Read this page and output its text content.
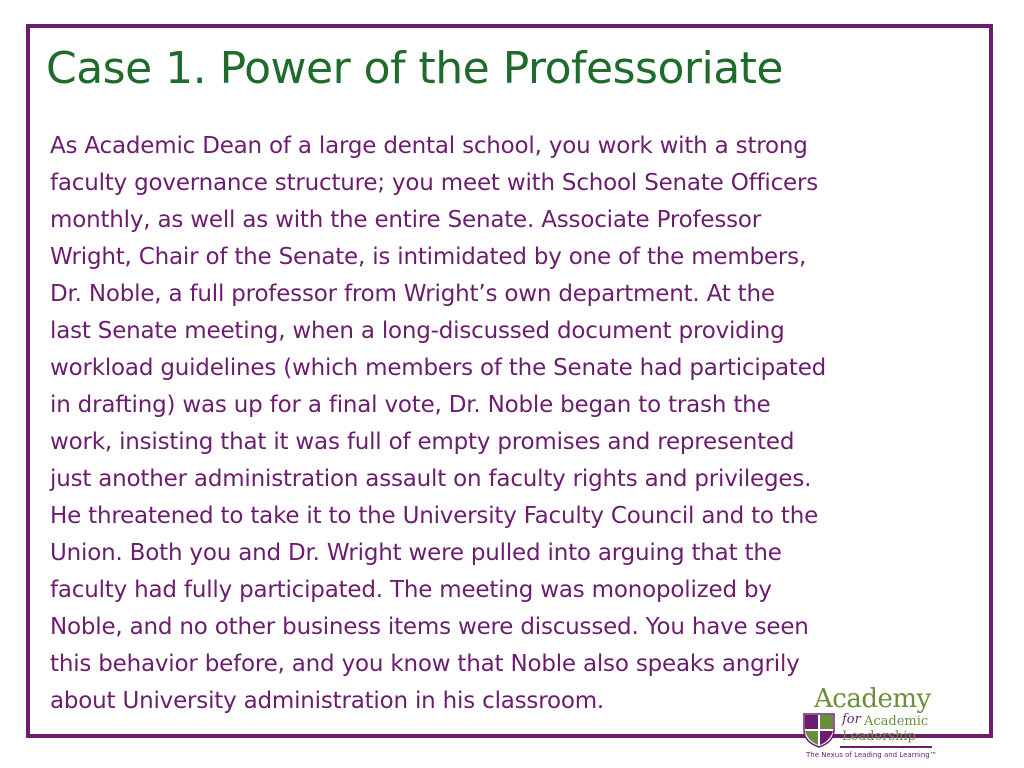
Case 1. Power of the Professoriate
As Academic Dean of a large dental school, you work with a strong
faculty governance structure; you meet with School Senate Officers
monthly, as well as with the entire Senate. Associate Professor
Wright, Chair of the Senate, is intimidated by one of the members,
Dr. Noble, a full professor from Wright’s own department. At the
last Senate meeting, when a long-discussed document providing
workload guidelines (which members of the Senate had participated
in drafting) was up for a final vote, Dr. Noble began to trash the
work, insisting that it was full of empty promises and represented
just another administration assault on faculty rights and privileges.
He threatened to take it to the University Faculty Council and to the
Union. Both you and Dr. Wright were pulled into arguing that the
faculty had fully participated. The meeting was monopolized by
Noble, and no other business items were discussed. You have seen
this behavior before, and you know that Noble also speaks angrily
about University administration in his classroom.	Academy
for Academic
Leadership
The Nexus of Leading and Learning™
